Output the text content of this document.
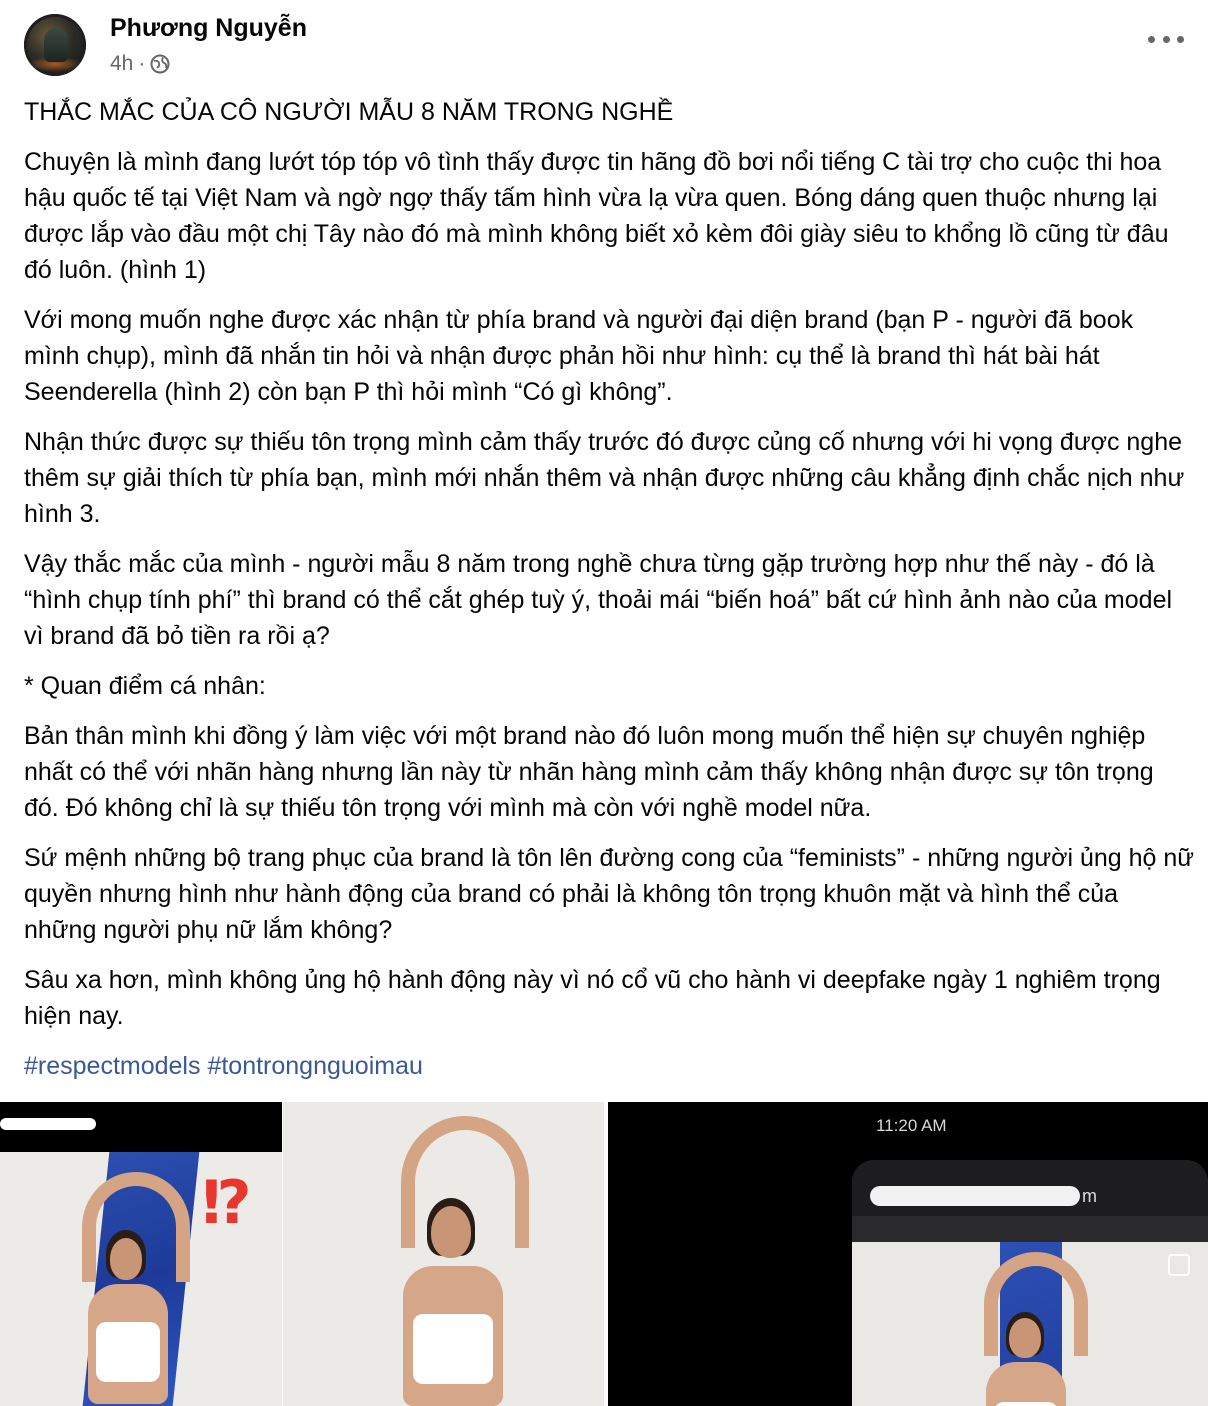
Phương Nguyễn
4h ·

THẮC MẮC CỦA CÔ NGƯỜI MẪU 8 NĂM TRONG NGHỀ

Chuyện là mình đang lướt tóp tóp vô tình thấy được tin hãng đồ bơi nổi tiếng C tài trợ cho cuộc thi hoa hậu quốc tế tại Việt Nam và ngờ ngợ thấy tấm hình vừa lạ vừa quen. Bóng dáng quen thuộc nhưng lại được lắp vào đầu một chị Tây nào đó mà mình không biết xỏ kèm đôi giày siêu to khổng lồ cũng từ đâu đó luôn. (hình 1)

Với mong muốn nghe được xác nhận từ phía brand và người đại diện brand (bạn P - người đã book mình chụp), mình đã nhắn tin hỏi và nhận được phản hồi như hình: cụ thể là brand thì hát bài hát Seenderella (hình 2) còn bạn P thì hỏi mình “Có gì không”.

Nhận thức được sự thiếu tôn trọng mình cảm thấy trước đó được củng cố nhưng với hi vọng được nghe thêm sự giải thích từ phía bạn, mình mới nhắn thêm và nhận được những câu khẳng định chắc nịch như hình 3.

Vậy thắc mắc của mình - người mẫu 8 năm trong nghề chưa từng gặp trường hợp như thế này - đó là “hình chụp tính phí” thì brand có thể cắt ghép tuỳ ý, thoải mái “biến hoá” bất cứ hình ảnh nào của model vì brand đã bỏ tiền ra rồi ạ?

* Quan điểm cá nhân:

Bản thân mình khi đồng ý làm việc với một brand nào đó luôn mong muốn thể hiện sự chuyên nghiệp nhất có thể với nhãn hàng nhưng lần này từ nhãn hàng mình cảm thấy không nhận được sự tôn trọng đó. Đó không chỉ là sự thiếu tôn trọng với mình mà còn với nghề model nữa.

Sứ mệnh những bộ trang phục của brand là tôn lên đường cong của “feminists” - những người ủng hộ nữ quyền nhưng hình như hành động của brand có phải là không tôn trọng khuôn mặt và hình thể của những người phụ nữ lắm không?

Sâu xa hơn, mình không ủng hộ hành động này vì nó cổ vũ cho hành vi deepfake ngày 1 nghiêm trọng hiện nay.

#respectmodels #tontrongnguoimau

⁉
11:20 AM
m
